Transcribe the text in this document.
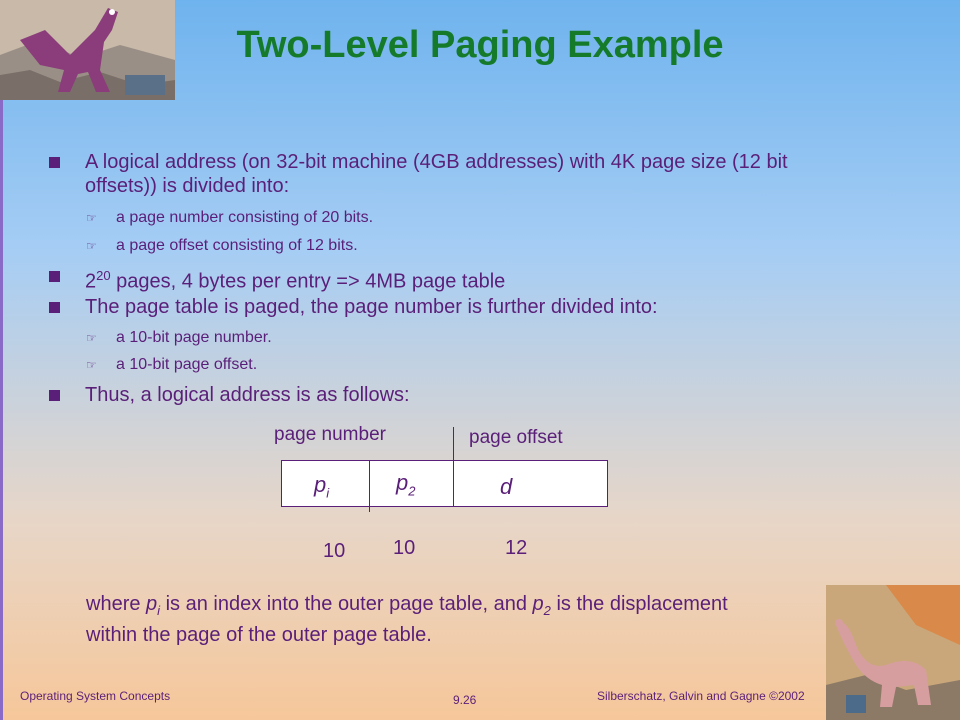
Two-Level Paging Example
A logical address (on 32-bit machine (4GB addresses) with 4K page size (12 bit offsets)) is divided into:
☞ a page number consisting of 20 bits.
☞ a page offset consisting of 12 bits.
$2^{20}$ pages, 4 bytes per entry => 4MB page table
The page table is paged, the page number is further divided into:
☞ a 10-bit page number.
☞ a 10-bit page offset.
Thus, a logical address is as follows:
page number	page offset
$p_i$	$p_2$	d
10 10	12
where $p_i$ is an index into the outer page table, and $p_2$ is the displacement within the page of the outer page table.
Operating System Concepts	9.26	Silberschatz, Galvin and Gagne ©2002
